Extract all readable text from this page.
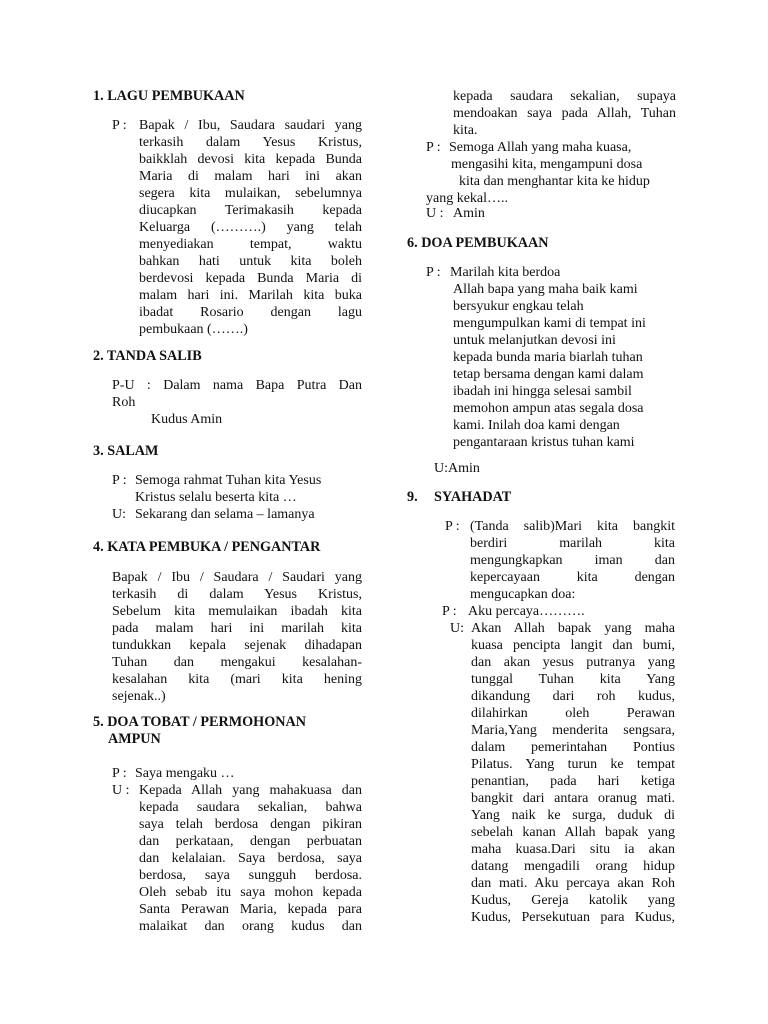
1. LAGU PEMBUKAAN
P : Bapak / Ibu, Saudara saudari yang
terkasih dalam Yesus Kristus,
baikklah devosi kita kepada Bunda
Maria di malam hari ini akan
segera kita mulaikan, sebelumnya
diucapkan Terimakasih kepada
Keluarga (……….) yang telah
menyediakan tempat, waktu
bahkan hati untuk kita boleh
berdevosi kepada Bunda Maria di
malam hari ini. Marilah kita buka
ibadat Rosario dengan lagu
pembukaan (…….)
2. TANDA SALIB
P-U : Dalam nama Bapa Putra Dan
Roh
Kudus Amin
3. SALAM
P : Semoga rahmat Tuhan kita Yesus
Kristus selalu beserta kita …
U: Sekarang dan selama – lamanya
4. KATA PEMBUKA / PENGANTAR
Bapak / Ibu / Saudara / Saudari yang
terkasih di dalam Yesus Kristus,
Sebelum kita memulaikan ibadah kita
pada malam hari ini marilah kita
tundukkan kepala sejenak dihadapan
Tuhan dan mengakui kesalahan-
kesalahan kita (mari kita hening
sejenak..)
5. DOA TOBAT / PERMOHONAN
AMPUN
P : Saya mengaku …
U : Kepada Allah yang mahakuasa dan
kepada saudara sekalian, bahwa
saya telah berdosa dengan pikiran
dan perkataan, dengan perbuatan
dan kelalaian. Saya berdosa, saya
berdosa, saya sungguh berdosa.
Oleh sebab itu saya mohon kepada
Santa Perawan Maria, kepada para
malaikat dan orang kudus dan
kepada saudara sekalian, supaya
mendoakan saya pada Allah, Tuhan
kita.
P : Semoga Allah yang maha kuasa,
mengasihi kita, mengampuni dosa
kita dan menghantar kita ke hidup
yang kekal…..
U : Amin
6. DOA PEMBUKAAN
P : Marilah kita berdoa
Allah bapa yang maha baik kami
bersyukur engkau telah
mengumpulkan kami di tempat ini
untuk melanjutkan devosi ini
kepada bunda maria biarlah tuhan
tetap bersama dengan kami dalam
ibadah ini hingga selesai sambil
memohon ampun atas segala dosa
kami. Inilah doa kami dengan
pengantaraan kristus tuhan kami
U:Amin
9. SYAHADAT
P : (Tanda salib)Mari kita bangkit
berdiri marilah kita
mengungkapkan iman dan
kepercayaan kita dengan
mengucapkan doa:
P : Aku percaya……….
U: Akan Allah bapak yang maha
kuasa pencipta langit dan bumi,
dan akan yesus putranya yang
tunggal Tuhan kita Yang
dikandung dari roh kudus,
dilahirkan oleh Perawan
Maria,Yang menderita sengsara,
dalam pemerintahan Pontius
Pilatus. Yang turun ke tempat
penantian, pada hari ketiga
bangkit dari antara oranug mati.
Yang naik ke surga, duduk di
sebelah kanan Allah bapak yang
maha kuasa.Dari situ ia akan
datang mengadili orang hidup
dan mati. Aku percaya akan Roh
Kudus, Gereja katolik yang
Kudus, Persekutuan para Kudus,
